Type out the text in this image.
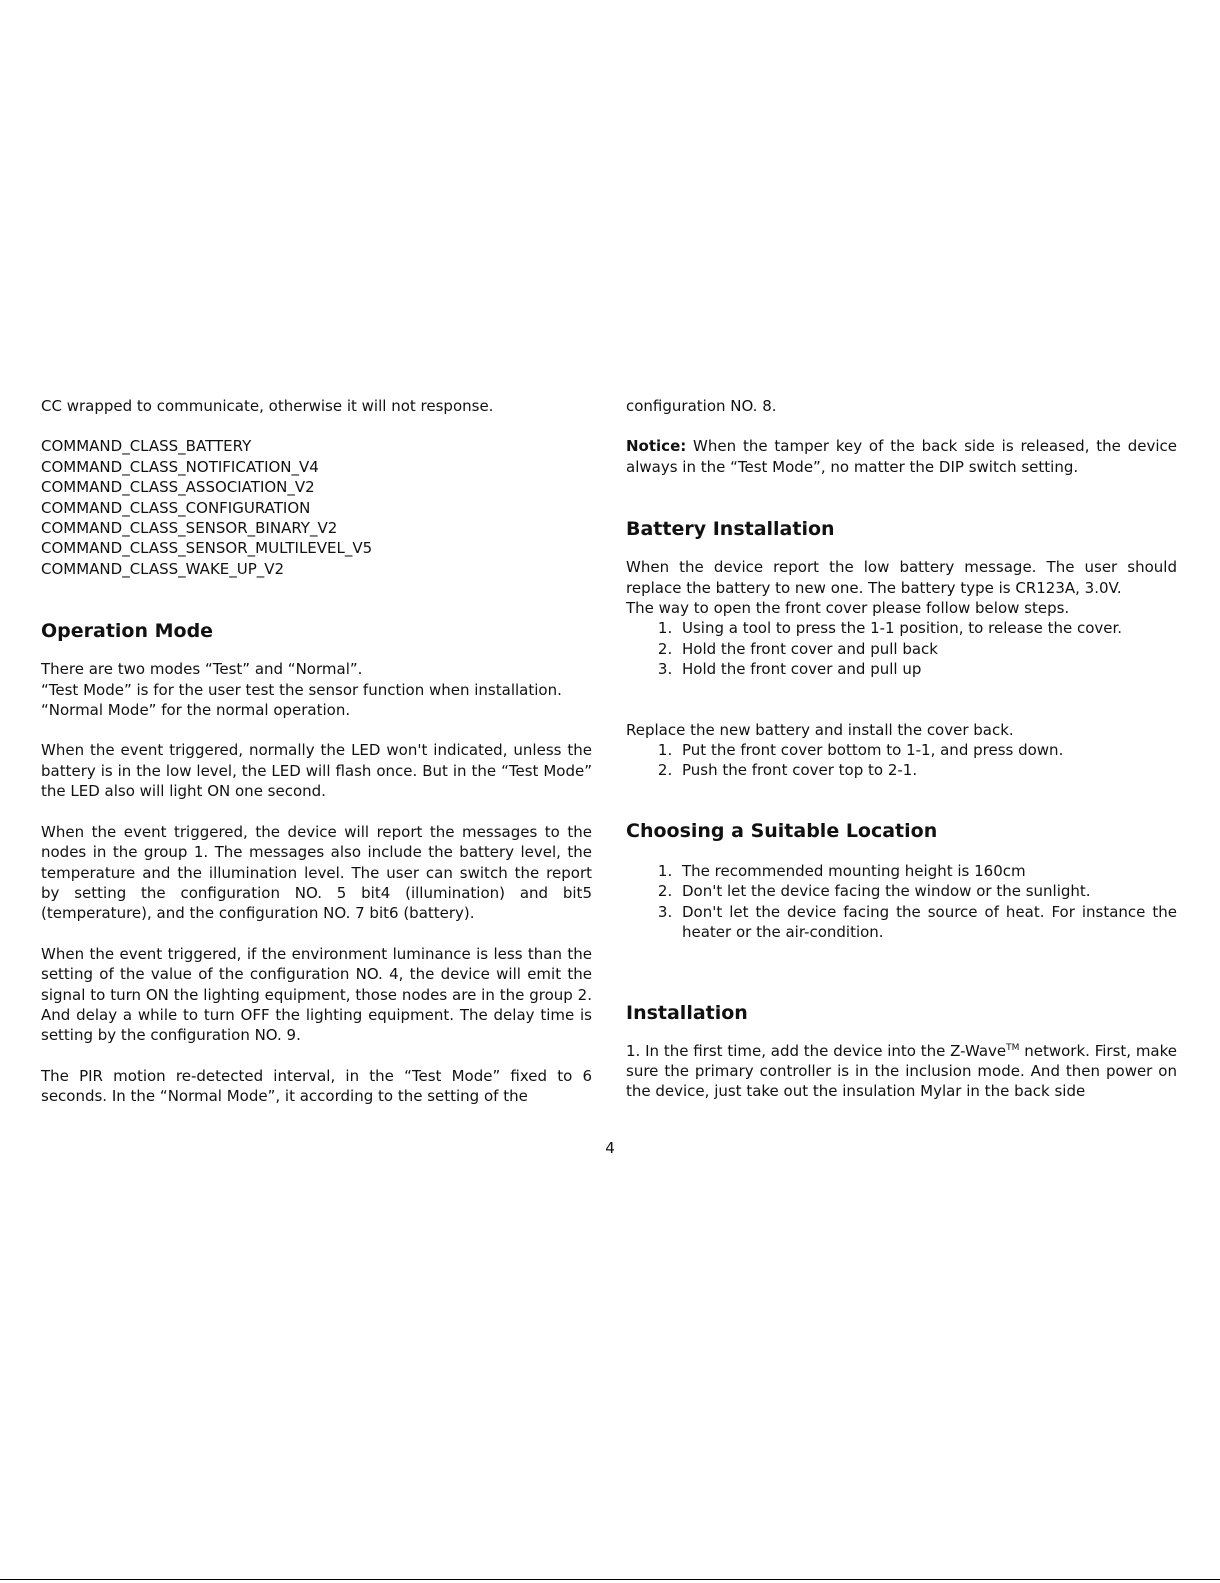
CC wrapped to communicate, otherwise it will not response.

COMMAND_CLASS_BATTERY
COMMAND_CLASS_NOTIFICATION_V4
COMMAND_CLASS_ASSOCIATION_V2
COMMAND_CLASS_CONFIGURATION
COMMAND_CLASS_SENSOR_BINARY_V2
COMMAND_CLASS_SENSOR_MULTILEVEL_V5
COMMAND_CLASS_WAKE_UP_V2
Operation Mode

There are two modes “Test” and “Normal”.

“Test Mode” is for the user test the sensor function when installation.

“Normal Mode” for the normal operation.

When the event triggered, normally the LED won't indicated, unless the battery is in the low level, the LED will flash once. But in the “Test Mode” the LED also will light ON one second.

When the event triggered, the device will report the messages to the nodes in the group 1. The messages also include the battery level, the temperature and the illumination level. The user can switch the report by setting the configuration NO. 5 bit4 (illumination) and bit5 (temperature), and the configuration NO. 7 bit6 (battery).

When the event triggered, if the environment luminance is less than the setting of the value of the configuration NO. 4, the device will emit the signal to turn ON the lighting equipment, those nodes are in the group 2. And delay a while to turn OFF the lighting equipment. The delay time is setting by the configuration NO. 9.

The PIR motion re-detected interval, in the “Test Mode” fixed to 6 seconds. In the “Normal Mode”, it according to the setting of the

configuration NO. 8.

Notice: When the tamper key of the back side is released, the device always in the “Test Mode”, no matter the DIP switch setting.

Battery Installation

When the device report the low battery message. The user should replace the battery to new one. The battery type is CR123A, 3.0V.

The way to open the front cover please follow below steps.

1. Using a tool to press the 1-1 position, to release the cover.
2. Hold the front cover and pull back
3. Hold the front cover and pull up

Replace the new battery and install the cover back.

1. Put the front cover bottom to 1-1, and press down.
2. Push the front cover top to 2-1.
Choosing a Suitable Location
1. The recommended mounting height is 160cm
2. Don't let the device facing the window or the sunlight.
3. Don't let the device facing the source of heat. For instance the heater or the air-condition.
Installation

1. In the first time, add the device into the Z-Wave™ network. First, make sure the primary controller is in the inclusion mode. And then power on the device, just take out the insulation Mylar in the back side

4
